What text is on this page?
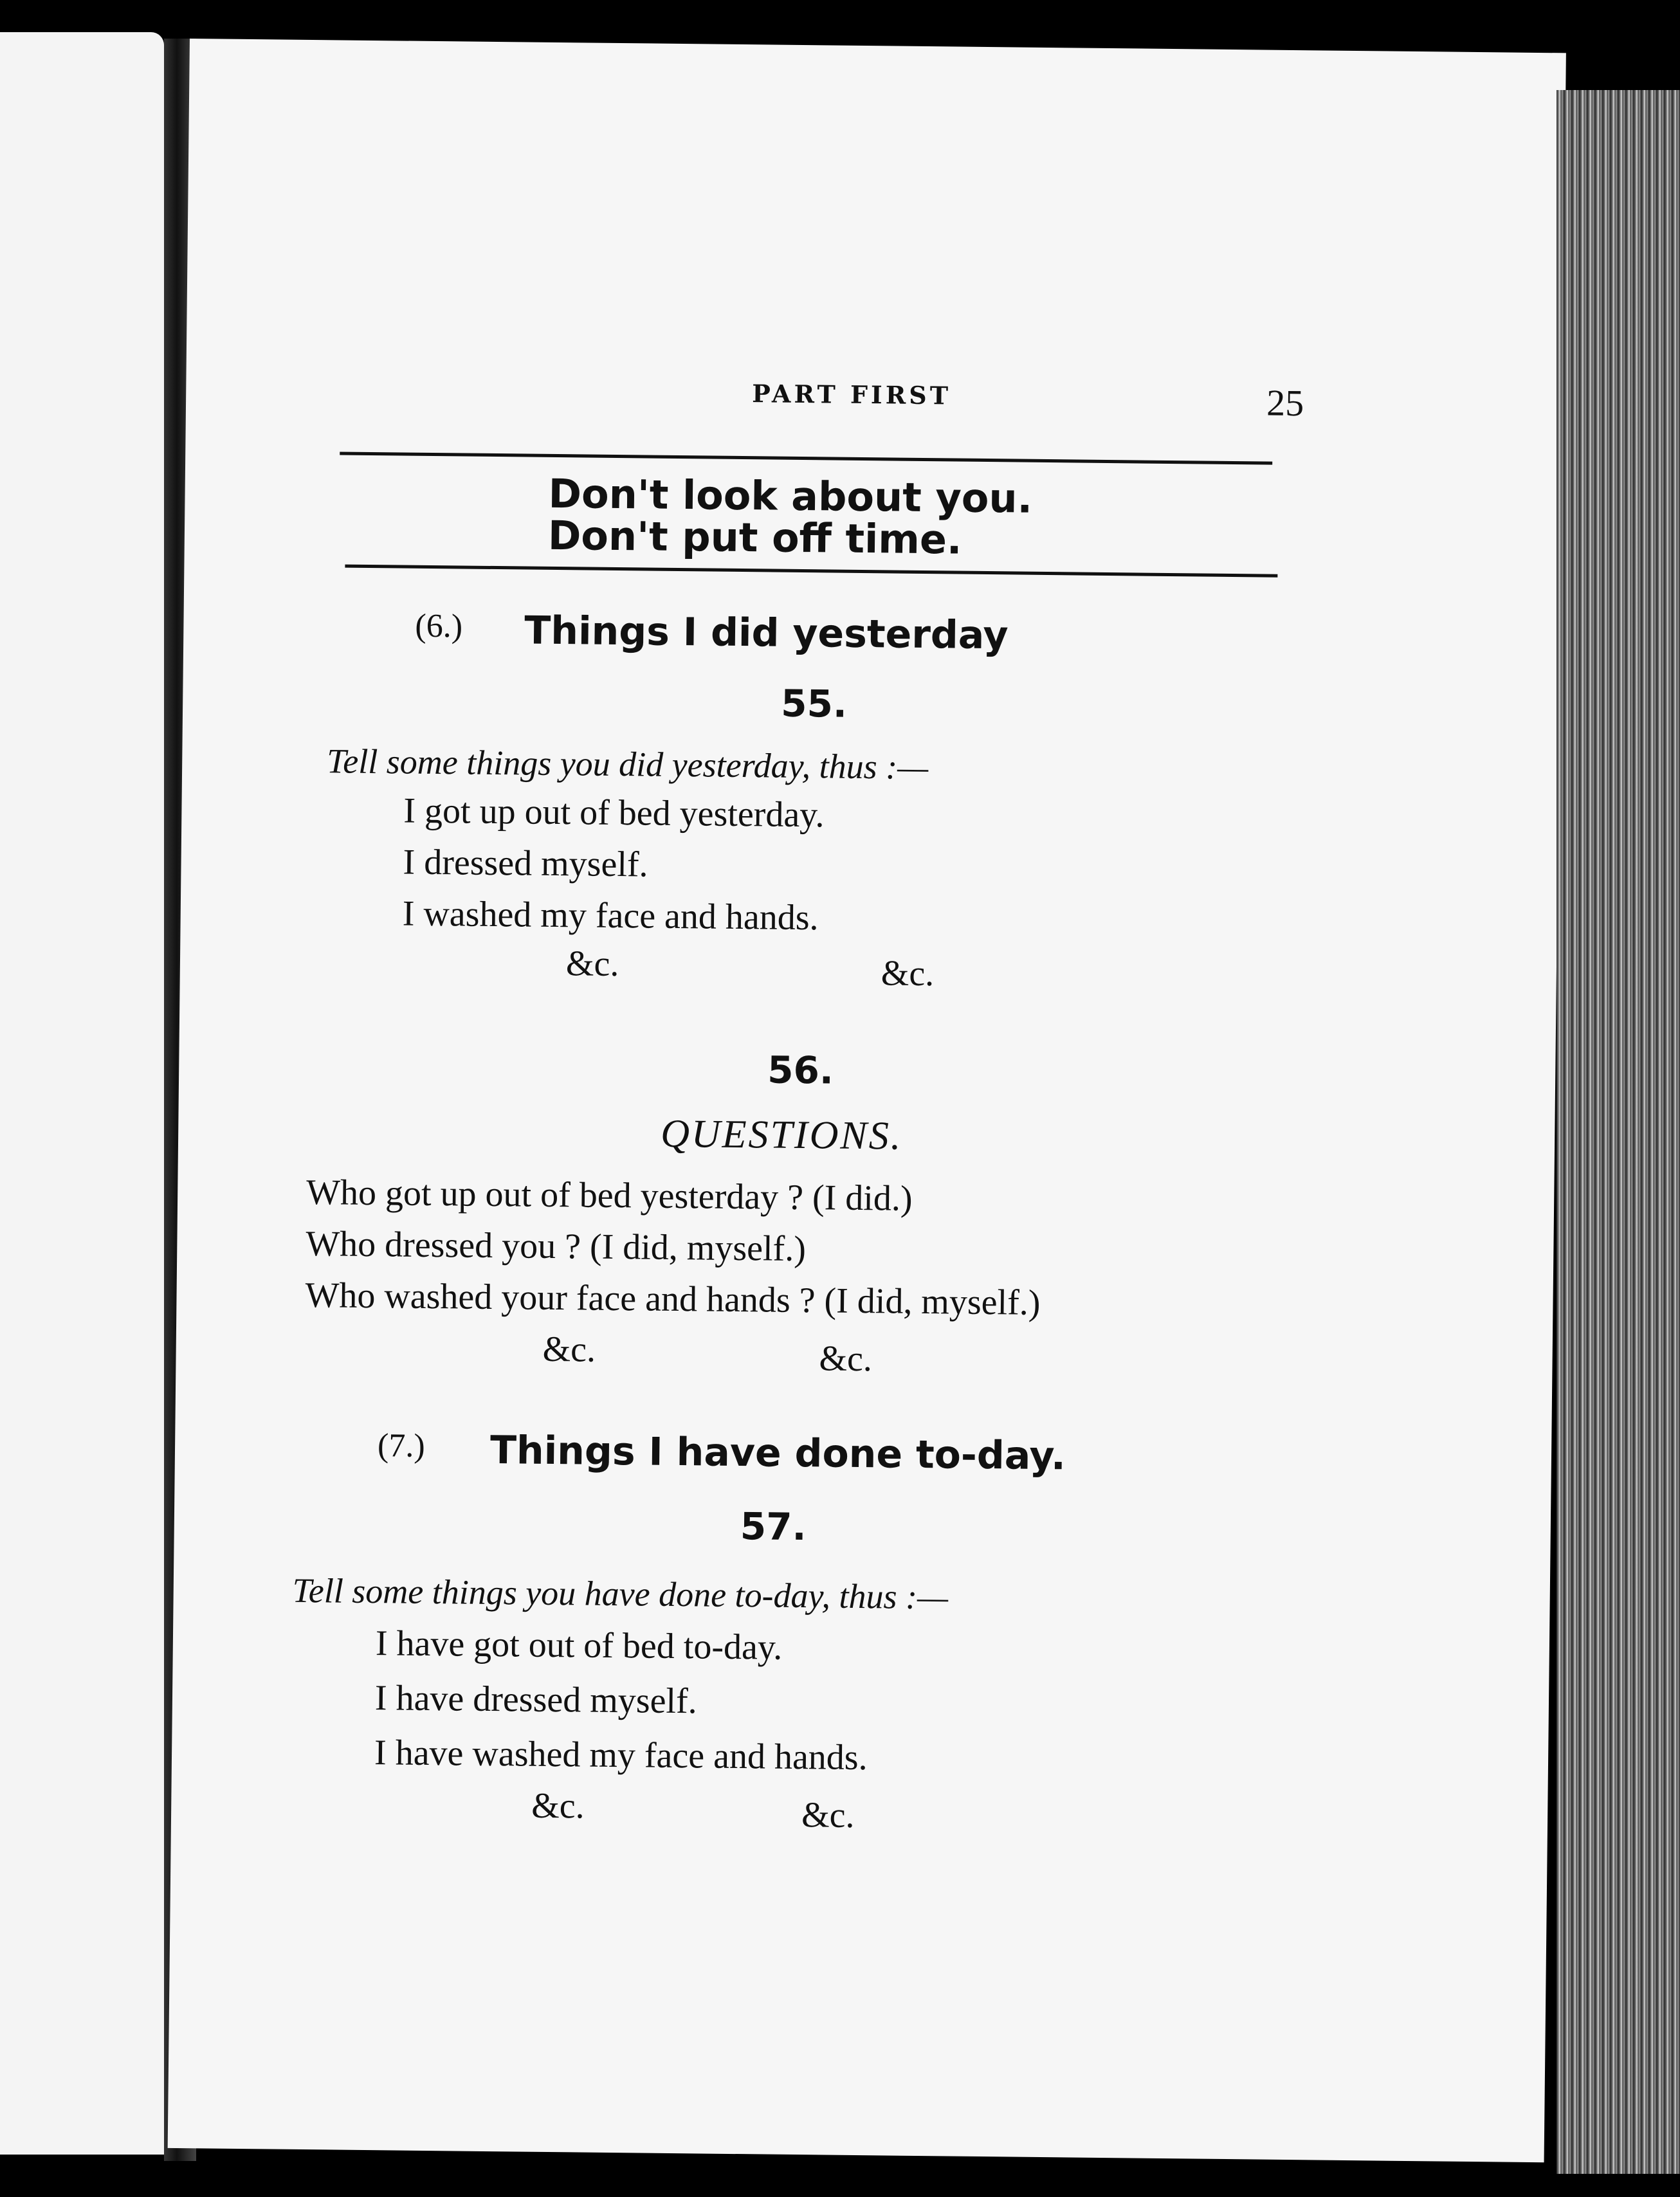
PART FIRST	25
Don't look about you.
Don't put off time.
(6.) Things I did yesterday
55.
Tell some things you did yesterday, thus :—
I got up out of bed yesterday.
I dressed myself.
I washed my face and hands.
&c.	&c.
56.
QUESTIONS.
Who got up out of bed yesterday ? (I did.)
Who dressed you ? (I did, myself.)
Who washed your face and hands ? (I did, myself.)
&c.	&c.
(7.) Things I have done to-day.
57.
Tell some things you have done to-day, thus :—
I have got out of bed to-day.
I have dressed myself.
I have washed my face and hands.
&c.	&c.
